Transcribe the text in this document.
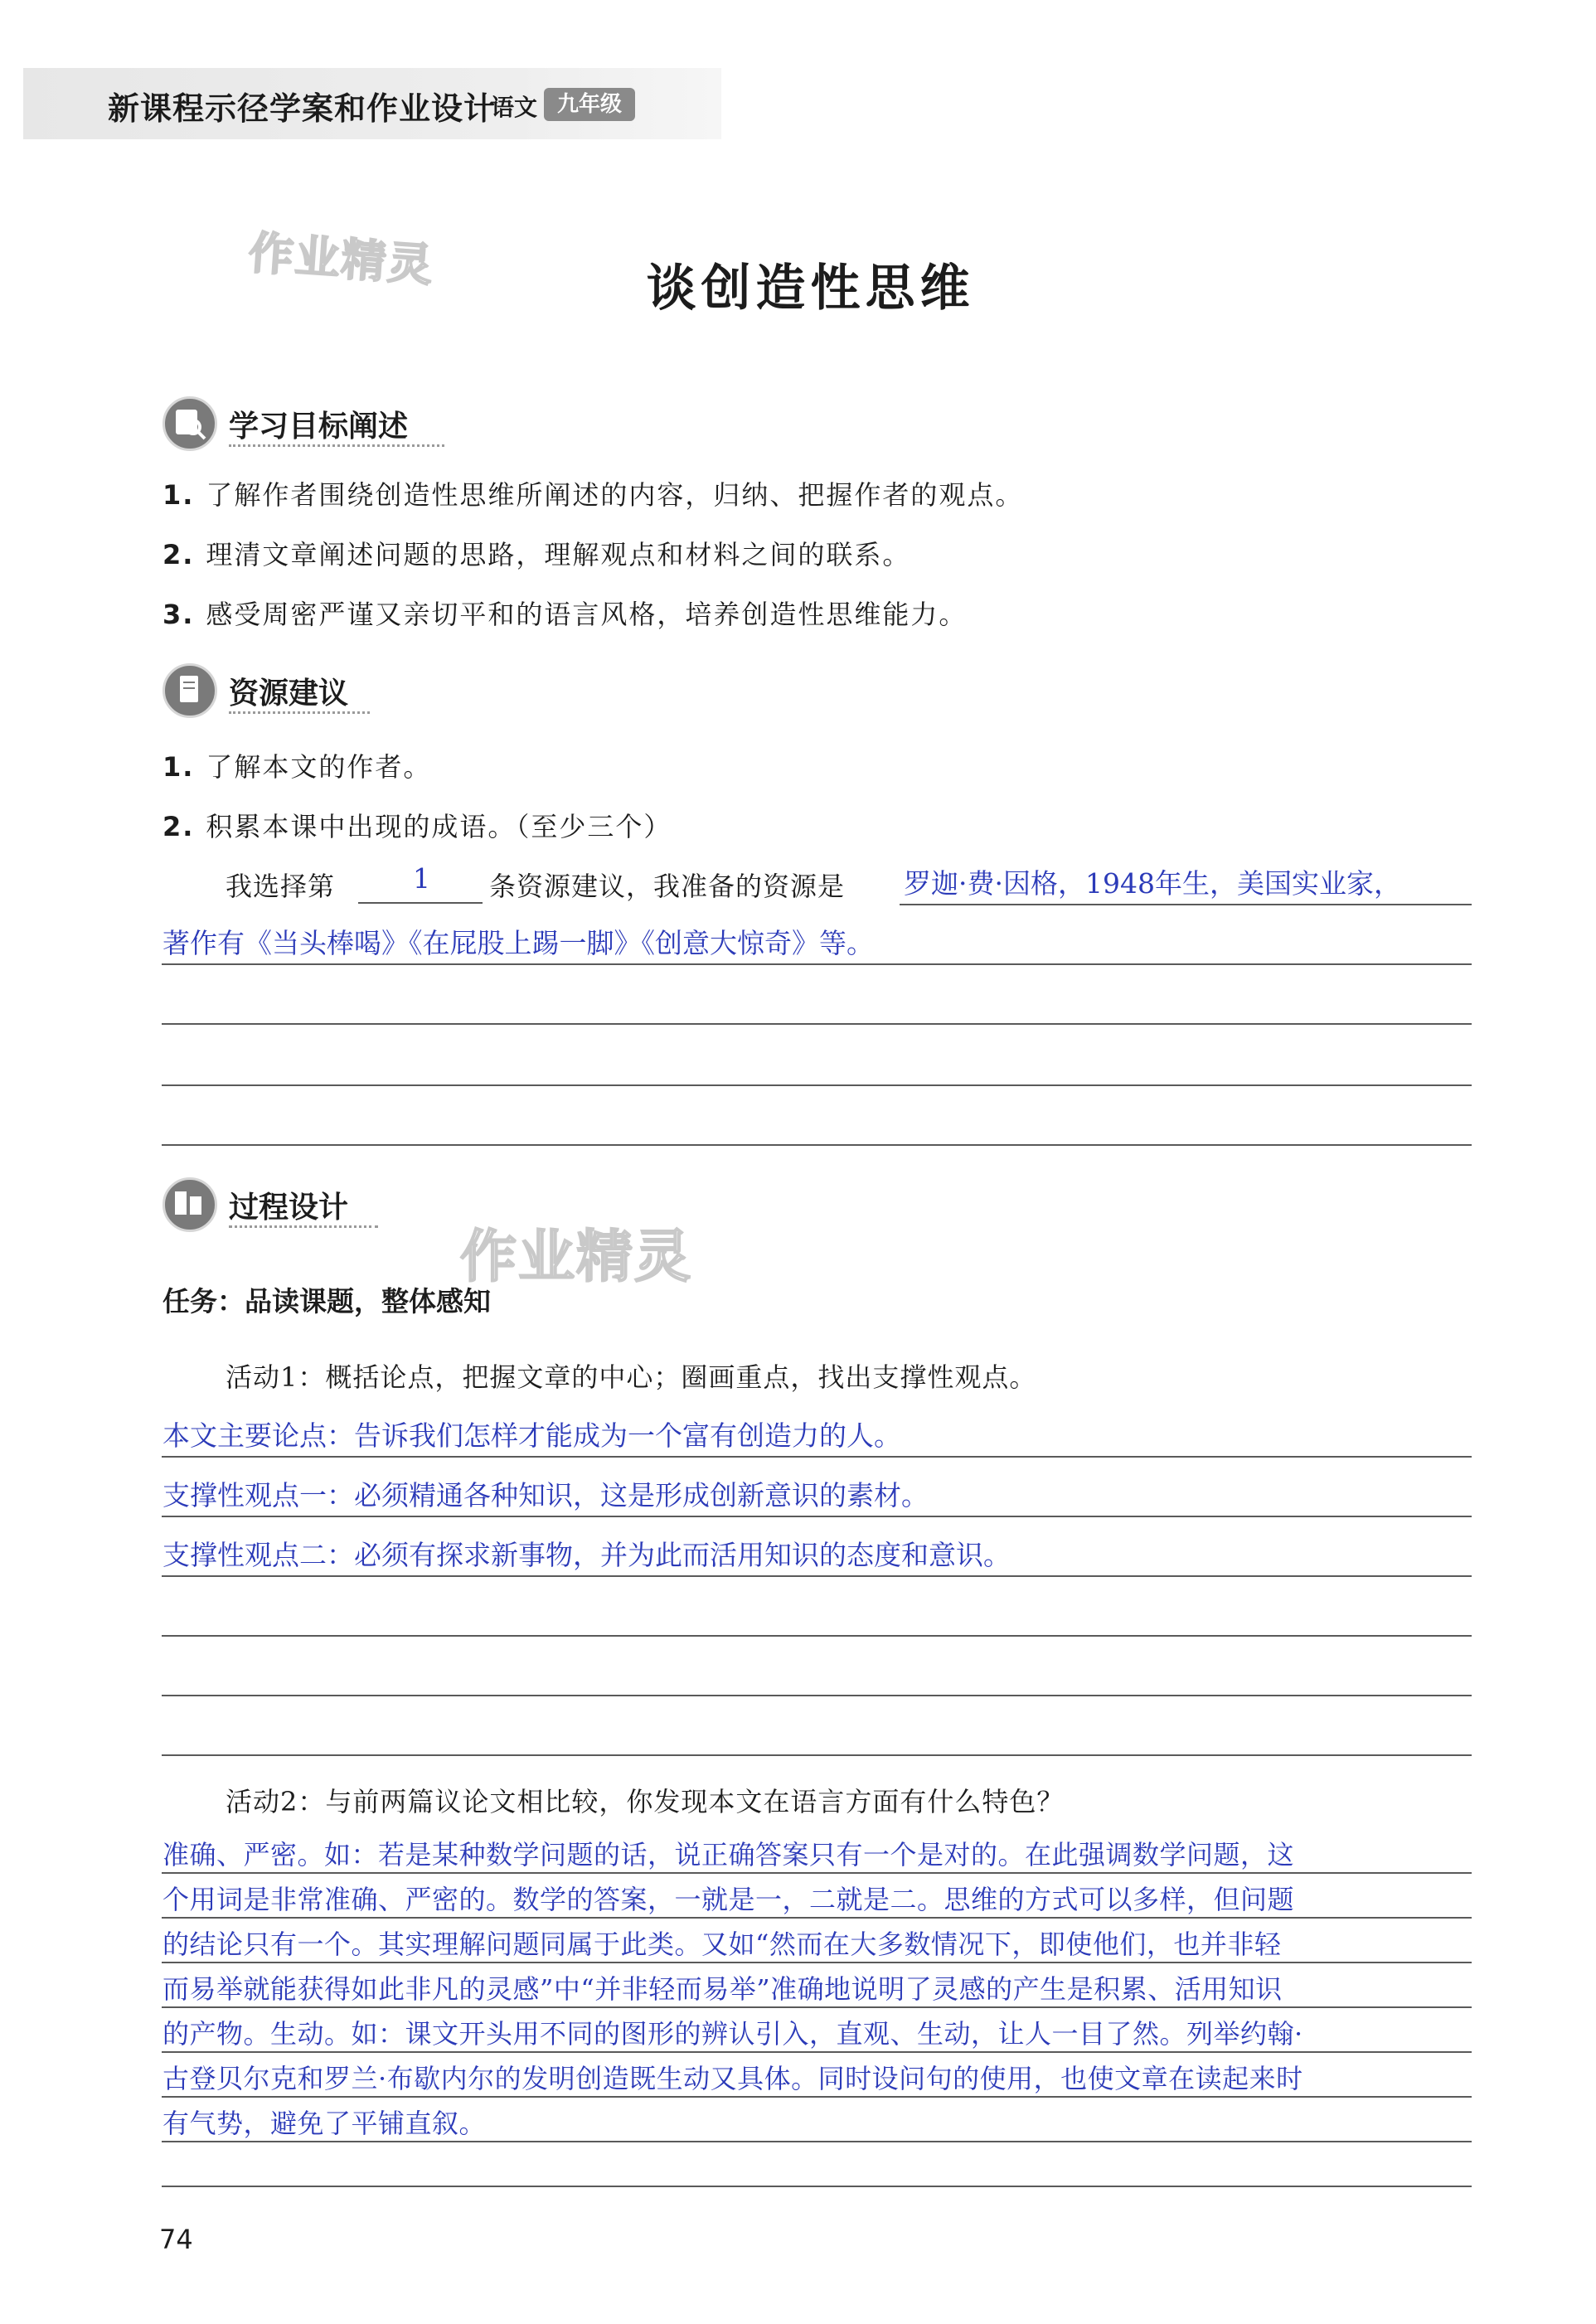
新课程示径学案和作业设计
语文 九年级
作业精灵
作业精灵
谈创造性思维
学习目标阐述
1. 了解作者围绕创造性思维所阐述的内容，归纳、把握作者的观点。
2. 理清文章阐述问题的思路，理解观点和材料之间的联系。
3. 感受周密严谨又亲切平和的语言风格，培养创造性思维能力。
资源建议
1. 了解本文的作者。
2. 积累本课中出现的成语。（至少三个）
我选择第	1 条资源建议，我准备的资源是 罗迦·费·因格，1948年生，美国实业家，
著作有《当头棒喝》《在屁股上踢一脚》《创意大惊奇》等。
过程设计
任务：品读课题，整体感知
活动1：概括论点，把握文章的中心；圈画重点，找出支撑性观点。
本文主要论点：告诉我们怎样才能成为一个富有创造力的人。
支撑性观点一：必须精通各种知识，这是形成创新意识的素材。
支撑性观点二：必须有探求新事物，并为此而活用知识的态度和意识。
活动2：与前两篇议论文相比较，你发现本文在语言方面有什么特色？
准确、严密。如：若是某种数学问题的话，说正确答案只有一个是对的。在此强调数学问题，这
个用词是非常准确、严密的。数学的答案，一就是一，二就是二。思维的方式可以多样，但问题
的结论只有一个。其实理解问题同属于此类。又如“然而在大多数情况下，即使他们，也并非轻
而易举就能获得如此非凡的灵感”中“并非轻而易举”准确地说明了灵感的产生是积累、活用知识
的产物。生动。如：课文开头用不同的图形的辨认引入，直观、生动，让人一目了然。列举约翰·
古登贝尔克和罗兰·布歇内尔的发明创造既生动又具体。同时设问句的使用，也使文章在读起来时
有气势，避免了平铺直叙。
74
